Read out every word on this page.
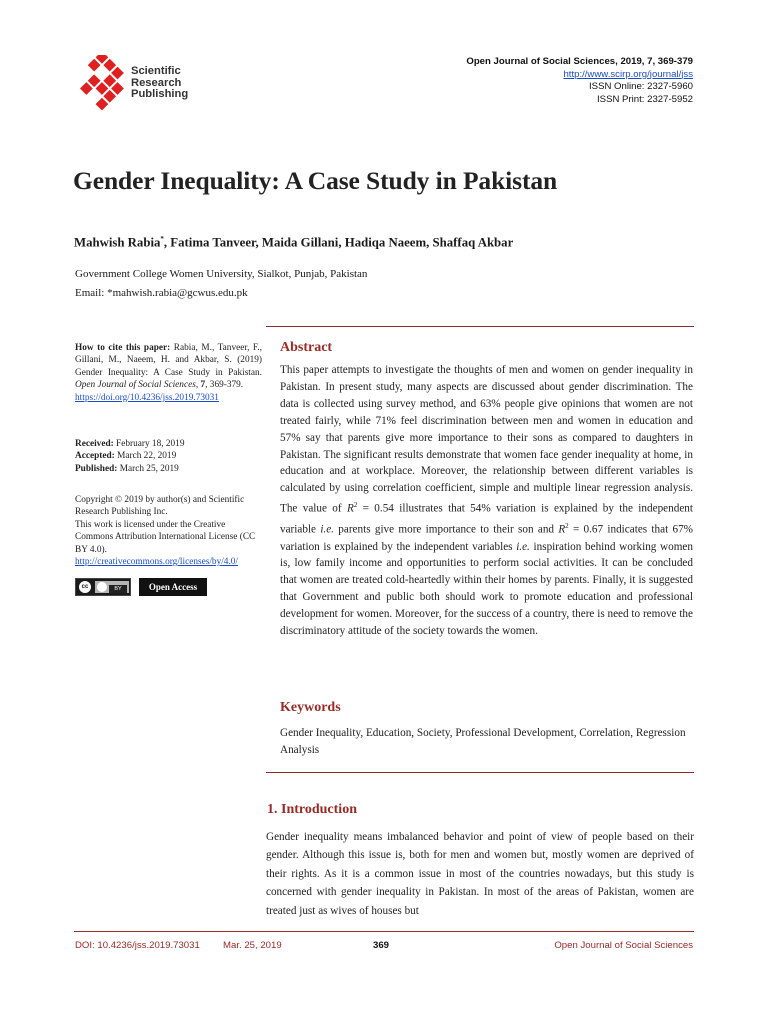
Scientific
Research
Publishing
Open Journal of Social Sciences, 2019, 7, 369-379
http://www.scirp.org/journal/jss
ISSN Online: 2327-5960
ISSN Print: 2327-5952
Gender Inequality: A Case Study in Pakistan
Mahwish Rabia*, Fatima Tanveer, Maida Gillani, Hadiqa Naeem, Shaffaq Akbar
Government College Women University, Sialkot, Punjab, Pakistan
Email: *mahwish.rabia@gcwus.edu.pk
How to cite this paper: Rabia, M., Tanveer, F., Gillani, M., Naeem, H. and Akbar, S. (2019) Gender Inequality: A Case Study in Pakistan. Open Journal of Social Sciences, 7, 369-379.
https://doi.org/10.4236/jss.2019.73031
Received: February 18, 2019
Accepted: March 22, 2019
Published: March 25, 2019
Copyright © 2019 by author(s) and Scientific Research Publishing Inc.
This work is licensed under the Creative Commons Attribution International License (CC BY 4.0).
http://creativecommons.org/licenses/by/4.0/
cc	BY	Open Access
Abstract
This paper attempts to investigate the thoughts of men and women on gender inequality in Pakistan. In present study, many aspects are discussed about gender discrimination. The data is collected using survey method, and 63% people give opinions that women are not treated fairly, while 71% feel discrimination between men and women in education and 57% say that parents give more importance to their sons as compared to daughters in Pakistan. The significant results demonstrate that women face gender inequality at home, in education and at workplace. Moreover, the relationship between different variables is calculated by using correlation coefficient, simple and multiple linear regression analysis. The value of $R^2 = 0.54$ illustrates that 54% variation is explained by the independent variable i.e. parents give more importance to their son and $R^2 = 0.67$ indicates that 67% variation is explained by the independent variables i.e. inspiration behind working women is, low family income and opportunities to perform social activities. It can be concluded that women are treated cold-heartedly within their homes by parents. Finally, it is suggested that Government and public both should work to promote education and professional development for women. Moreover, for the success of a country, there is need to remove the discriminatory attitude of the society towards the women.
Keywords
Gender Inequality, Education, Society, Professional Development, Correlation, Regression Analysis
1. Introduction
Gender inequality means imbalanced behavior and point of view of people based on their gender. Although this issue is, both for men and women but, mostly women are deprived of their rights. As it is a common issue in most of the countries nowadays, but this study is concerned with gender inequality in Pakistan. In most of the areas of Pakistan, women are treated just as wives of houses but
DOI: 10.4236/jss.2019.73031 Mar. 25, 2019	369	Open Journal of Social Sciences
